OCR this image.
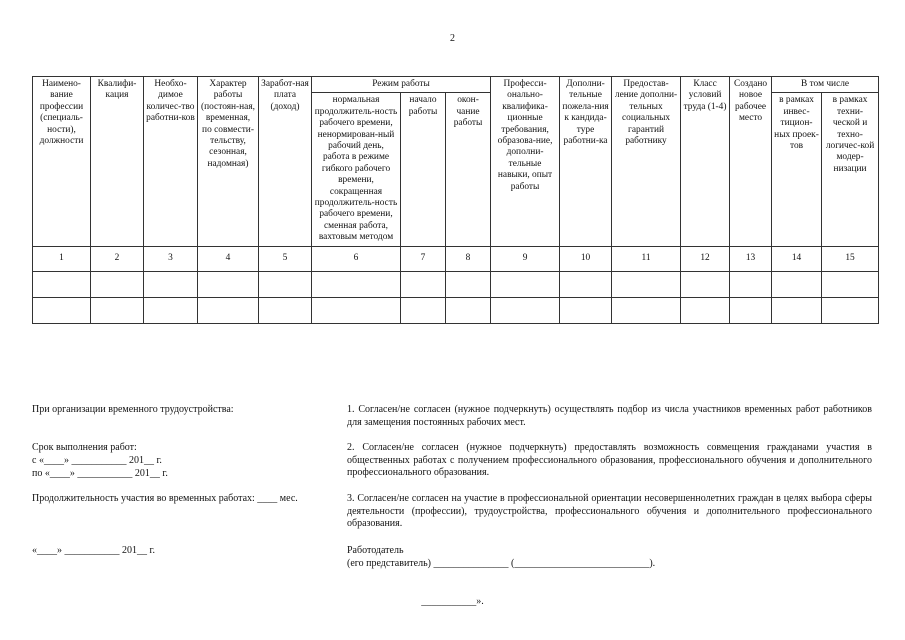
2
Наимено-вание профессии (специаль-ности), должности	Квалифи-кация	Необхо-димое количес-тво работни-ков	Характер работы (постоян-ная, временная, по совмести-тельству, сезонная, надомная)	Заработ-ная плата (доход)	Режим работы			Професси-онально-квалифика-ционные требования, образова-ние, дополни-тельные навыки, опыт работы	Дополни-тельные пожела-ния к кандида-туре работни-ка	Предостав-ление дополни-тельных социальных гарантий работнику	Класс условий труда (1-4)	Создано новое рабочее место	В том числе	
					нормальная продолжитель-ность рабочего времени, ненормирован-ный рабочий день, работа в режиме гибкого рабочего времени, сокращенная продолжитель-ность рабочего времени, сменная работа, вахтовым методом	начало работы	окон-чание работы						в рамках инвес-тицион-ных проек-тов	в рамках техни-ческой и техно-логичес-кой модер-низации
1	2	3	4	5	6	7	8	9	10	11	12	13	14	15

При организации временного трудоустройства:
Срок выполнения работ:
с «____» ___________ 201__ г.
по «____» ___________ 201__ г.
Продолжительность участия во временных работах: ____ мес.
«____» ___________ 201__ г.
1. Согласен/не согласен (нужное подчеркнуть) осуществлять подбор из числа участников временных работ работников для замещения постоянных рабочих мест.
2. Согласен/не согласен (нужное подчеркнуть) предоставлять возможность совмещения гражданами участия в общественных работах с получением профессионального образования, профессионального обучения и дополнительного профессионального образования.
3. Согласен/не согласен на участие в профессиональной ориентации несовершеннолетних граждан в целях выбора сферы деятельности (профессии), трудоустройства, профессионального обучения и дополнительного профессионального образования.
Работодатель
(его представитель) _______________ (___________________________).
___________».
